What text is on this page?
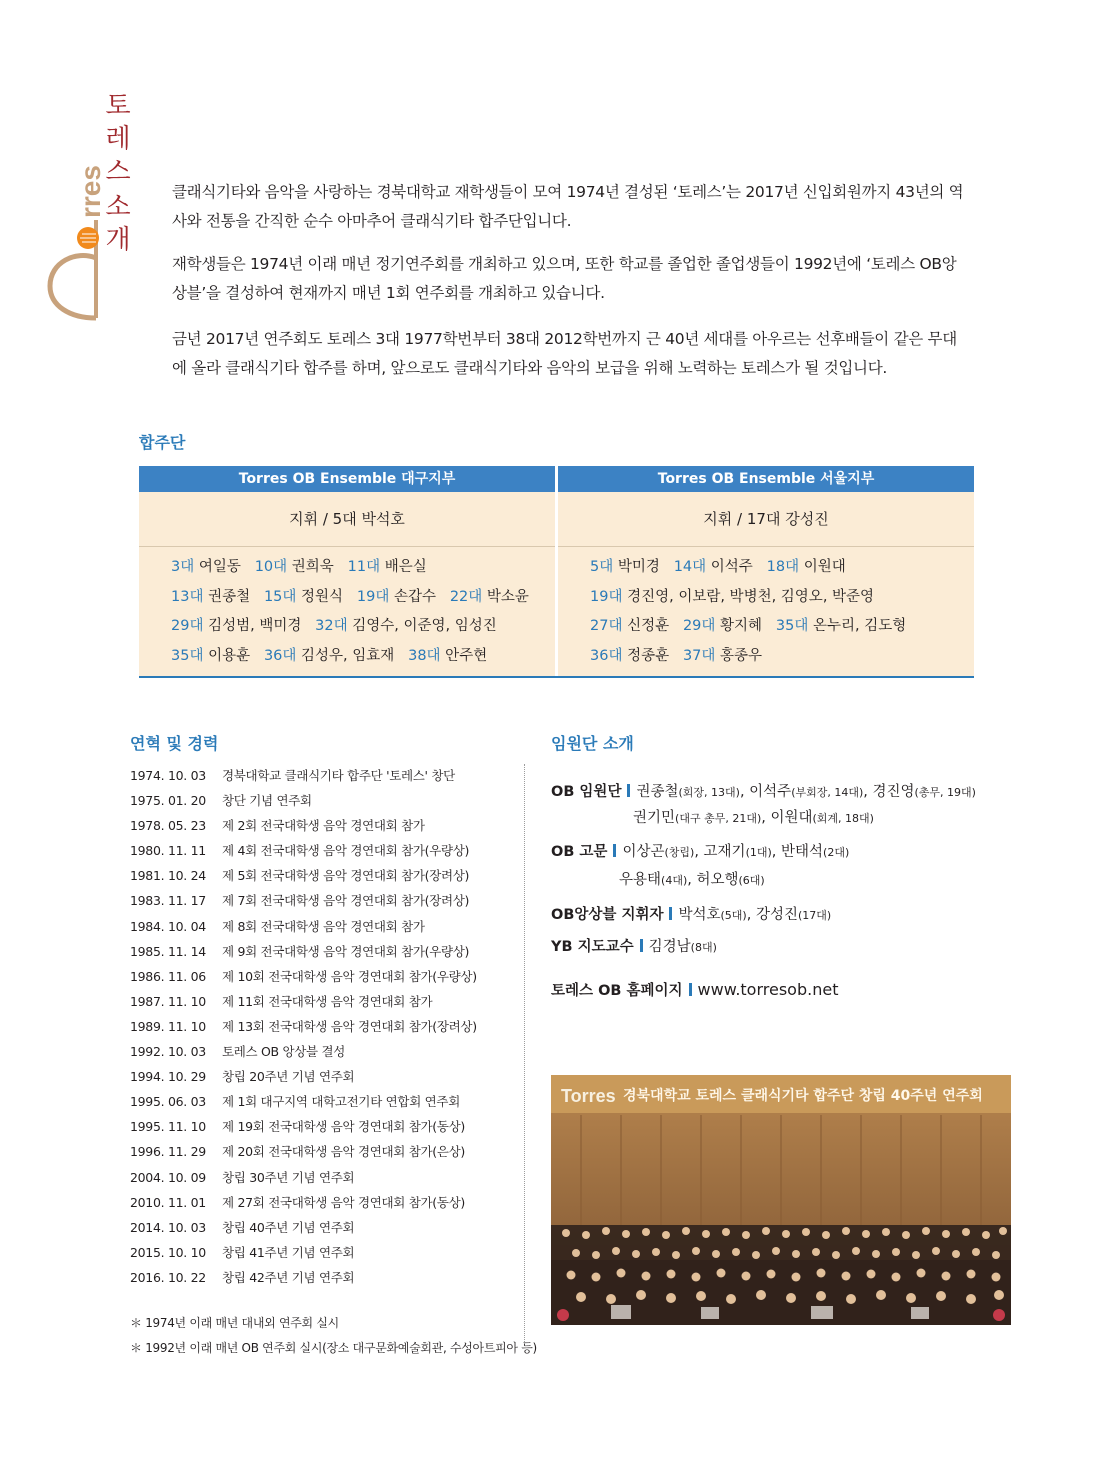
rres
토
레
스
소
개

클래식기타와 음악을 사랑하는 경북대학교 재학생들이 모여 1974년 결성된 ‘토레스’는 2017년 신입회원까지 43년의 역사와 전통을 간직한 순수 아마추어 클래식기타 합주단입니다.

재학생들은 1974년 이래 매년 정기연주회를 개최하고 있으며, 또한 학교를 졸업한 졸업생들이 1992년에 ‘토레스 OB앙상블’을 결성하여 현재까지 매년 1회 연주회를 개최하고 있습니다.

금년 2017년 연주회도 토레스 3대 1977학번부터 38대 2012학번까지 근 40년 세대를 아우르는 선후배들이 같은 무대에 올라 클래식기타 합주를 하며, 앞으로도 클래식기타와 음악의 보급을 위해 노력하는 토레스가 될 것입니다.

합주단
Torres OB Ensemble 대구지부
지휘 / 5대 박석호
3대 여일동 10대 권희욱 11대 배은실
13대 권종철 15대 정원식 19대 손갑수 22대 박소윤
29대 김성범, 백미경 32대 김영수, 이준영, 임성진
35대 이용훈 36대 김성우, 임효재 38대 안주현
Torres OB Ensemble 서울지부
지휘 / 17대 강성진
5대 박미경 14대 이석주 18대 이원대
19대 경진영, 이보람, 박병천, 김영오, 박준영
27대 신정훈 29대 황지혜 35대 온누리, 김도형
36대 정종훈 37대 홍종우
연혁 및 경력
1974. 10. 03	경북대학교 클래식기타 합주단 '토레스' 창단
1975. 01. 20	창단 기념 연주회
1978. 05. 23	제 2회 전국대학생 음악 경연대회 참가
1980. 11. 11	제 4회 전국대학생 음악 경연대회 참가(우량상)
1981. 10. 24	제 5회 전국대학생 음악 경연대회 참가(장려상)
1983. 11. 17	제 7회 전국대학생 음악 경연대회 참가(장려상)
1984. 10. 04	제 8회 전국대학생 음악 경연대회 참가
1985. 11. 14	제 9회 전국대학생 음악 경연대회 참가(우량상)
1986. 11. 06	제 10회 전국대학생 음악 경연대회 참가(우량상)
1987. 11. 10	제 11회 전국대학생 음악 경연대회 참가
1989. 11. 10	제 13회 전국대학생 음악 경연대회 참가(장려상)
1992. 10. 03	토레스 OB 앙상블 결성
1994. 10. 29	창립 20주년 기념 연주회
1995. 06. 03	제 1회 대구지역 대학고전기타 연합회 연주회
1995. 11. 10	제 19회 전국대학생 음악 경연대회 참가(동상)
1996. 11. 29	제 20회 전국대학생 음악 경연대회 참가(은상)
2004. 10. 09	창립 30주년 기념 연주회
2010. 11. 01	제 27회 전국대학생 음악 경연대회 참가(동상)
2014. 10. 03	창립 40주년 기념 연주회
2015. 10. 10	창립 41주년 기념 연주회
2016. 10. 22	창립 42주년 기념 연주회
＊ 1974년 이래 매년 대내외 연주회 실시
＊ 1992년 이래 매년 OB 연주회 실시(장소 대구문화예술회관, 수성아트피아 등)
임원단 소개
OB 임원단 권종철(회장, 13대), 이석주(부회장, 14대), 경진영(총무, 19대)
권기민(대구 총무, 21대), 이원대(회계, 18대)
OB 고문 이상곤(창립), 고재기(1대), 반태석(2대)
우용태(4대), 허오행(6대)
OB앙상블 지휘자 박석호(5대), 강성진(17대)
YB 지도교수 김경남(8대)
토레스 OB 홈페이지 www.torresob.net
Torres 경북대학교 토레스 클래식기타 합주단 창립 40주년 연주회
